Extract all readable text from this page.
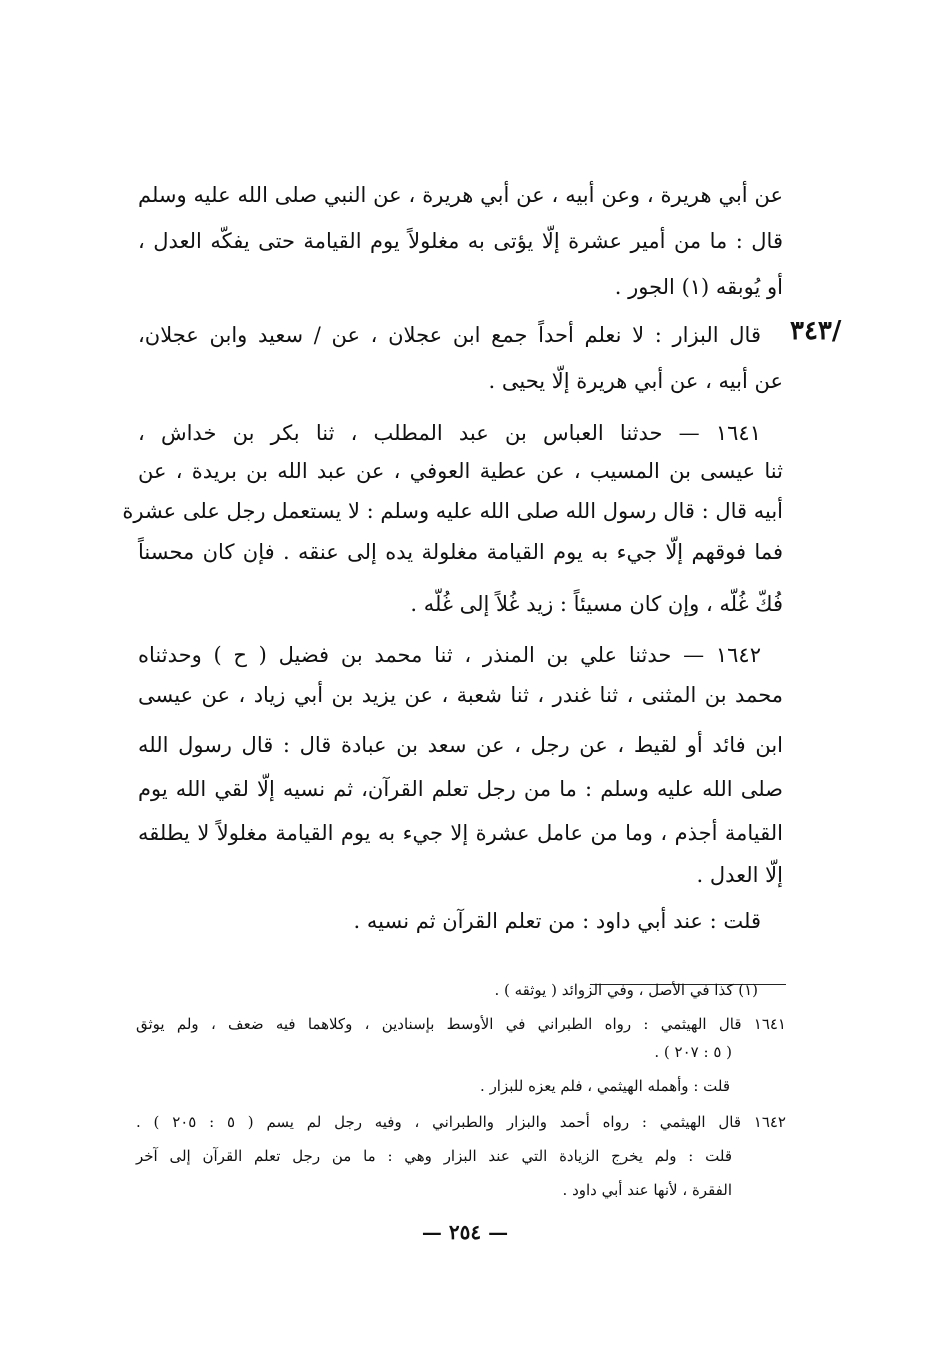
عن أبي هريرة ، وعن أبيه ، عن أبي هريرة ، عن النبي صلى الله عليه وسلم
قال : ما من أمير عشرة إلّا يؤتى به مغلولاً يوم القيامة حتى يفكّه العدل ،
أو يُوبقه (١) الجور .
/٣٤٣
قال البزار : لا نعلم أحداً جمع ابن عجلان ، عن / سعيد وابن عجلان،
عن أبيه ، عن أبي هريرة إلّا يحيى .
١٦٤١ — حدثنا العباس بن عبد المطلب ، ثنا بكر بن خداش ،
ثنا عيسى بن المسيب ، عن عطية العوفي ، عن عبد الله بن بريدة ، عن
أبيه قال : قال رسول الله صلى الله عليه وسلم : لا يستعمل رجل على عشرة
فما فوقهم إلّا جيء به يوم القيامة مغلولة يده إلى عنقه . فإن كان محسناً
فُكّ غُلّه ، وإن كان مسيئاً : زيد غُلاً إلى غُلّه .
١٦٤٢ — حدثنا علي بن المنذر ، ثنا محمد بن فضيل ( ح ) وحدثناه
محمد بن المثنى ، ثنا غندر ، ثنا شعبة ، عن يزيد بن أبي زياد ، عن عيسى
ابن فائد أو لقيط ، عن رجل ، عن سعد بن عبادة قال : قال رسول الله
صلى الله عليه وسلم : ما من رجل تعلم القرآن، ثم نسيه إلّا لقي الله يوم
القيامة أجذم ، وما من عامل عشرة إلا جيء به يوم القيامة مغلولاً لا يطلقه
إلّا العدل .
قلت : عند أبي داود : من تعلم القرآن ثم نسيه .
(١) كذا في الأصل ، وفي الزوائد ( يوثقه ) .
١٦٤١ قال الهيثمي : رواه الطبراني في الأوسط بإسنادين ، وكلاهما فيه ضعف ، ولم يوثق
( ٥ : ٢٠٧ ) .
قلت : وأهمله الهيثمي ، فلم يعزه للبزار .
١٦٤٢ قال الهيثمي : رواه أحمد والبزار والطبراني ، وفيه رجل لم يسم ( ٥ : ٢٠٥ ) .
قلت : ولم يخرج الزيادة التي عند البزار وهي : ما من رجل تعلم القرآن إلى آخر
الفقرة ، لأنها عند أبي داود .
— ٢٥٤ —
